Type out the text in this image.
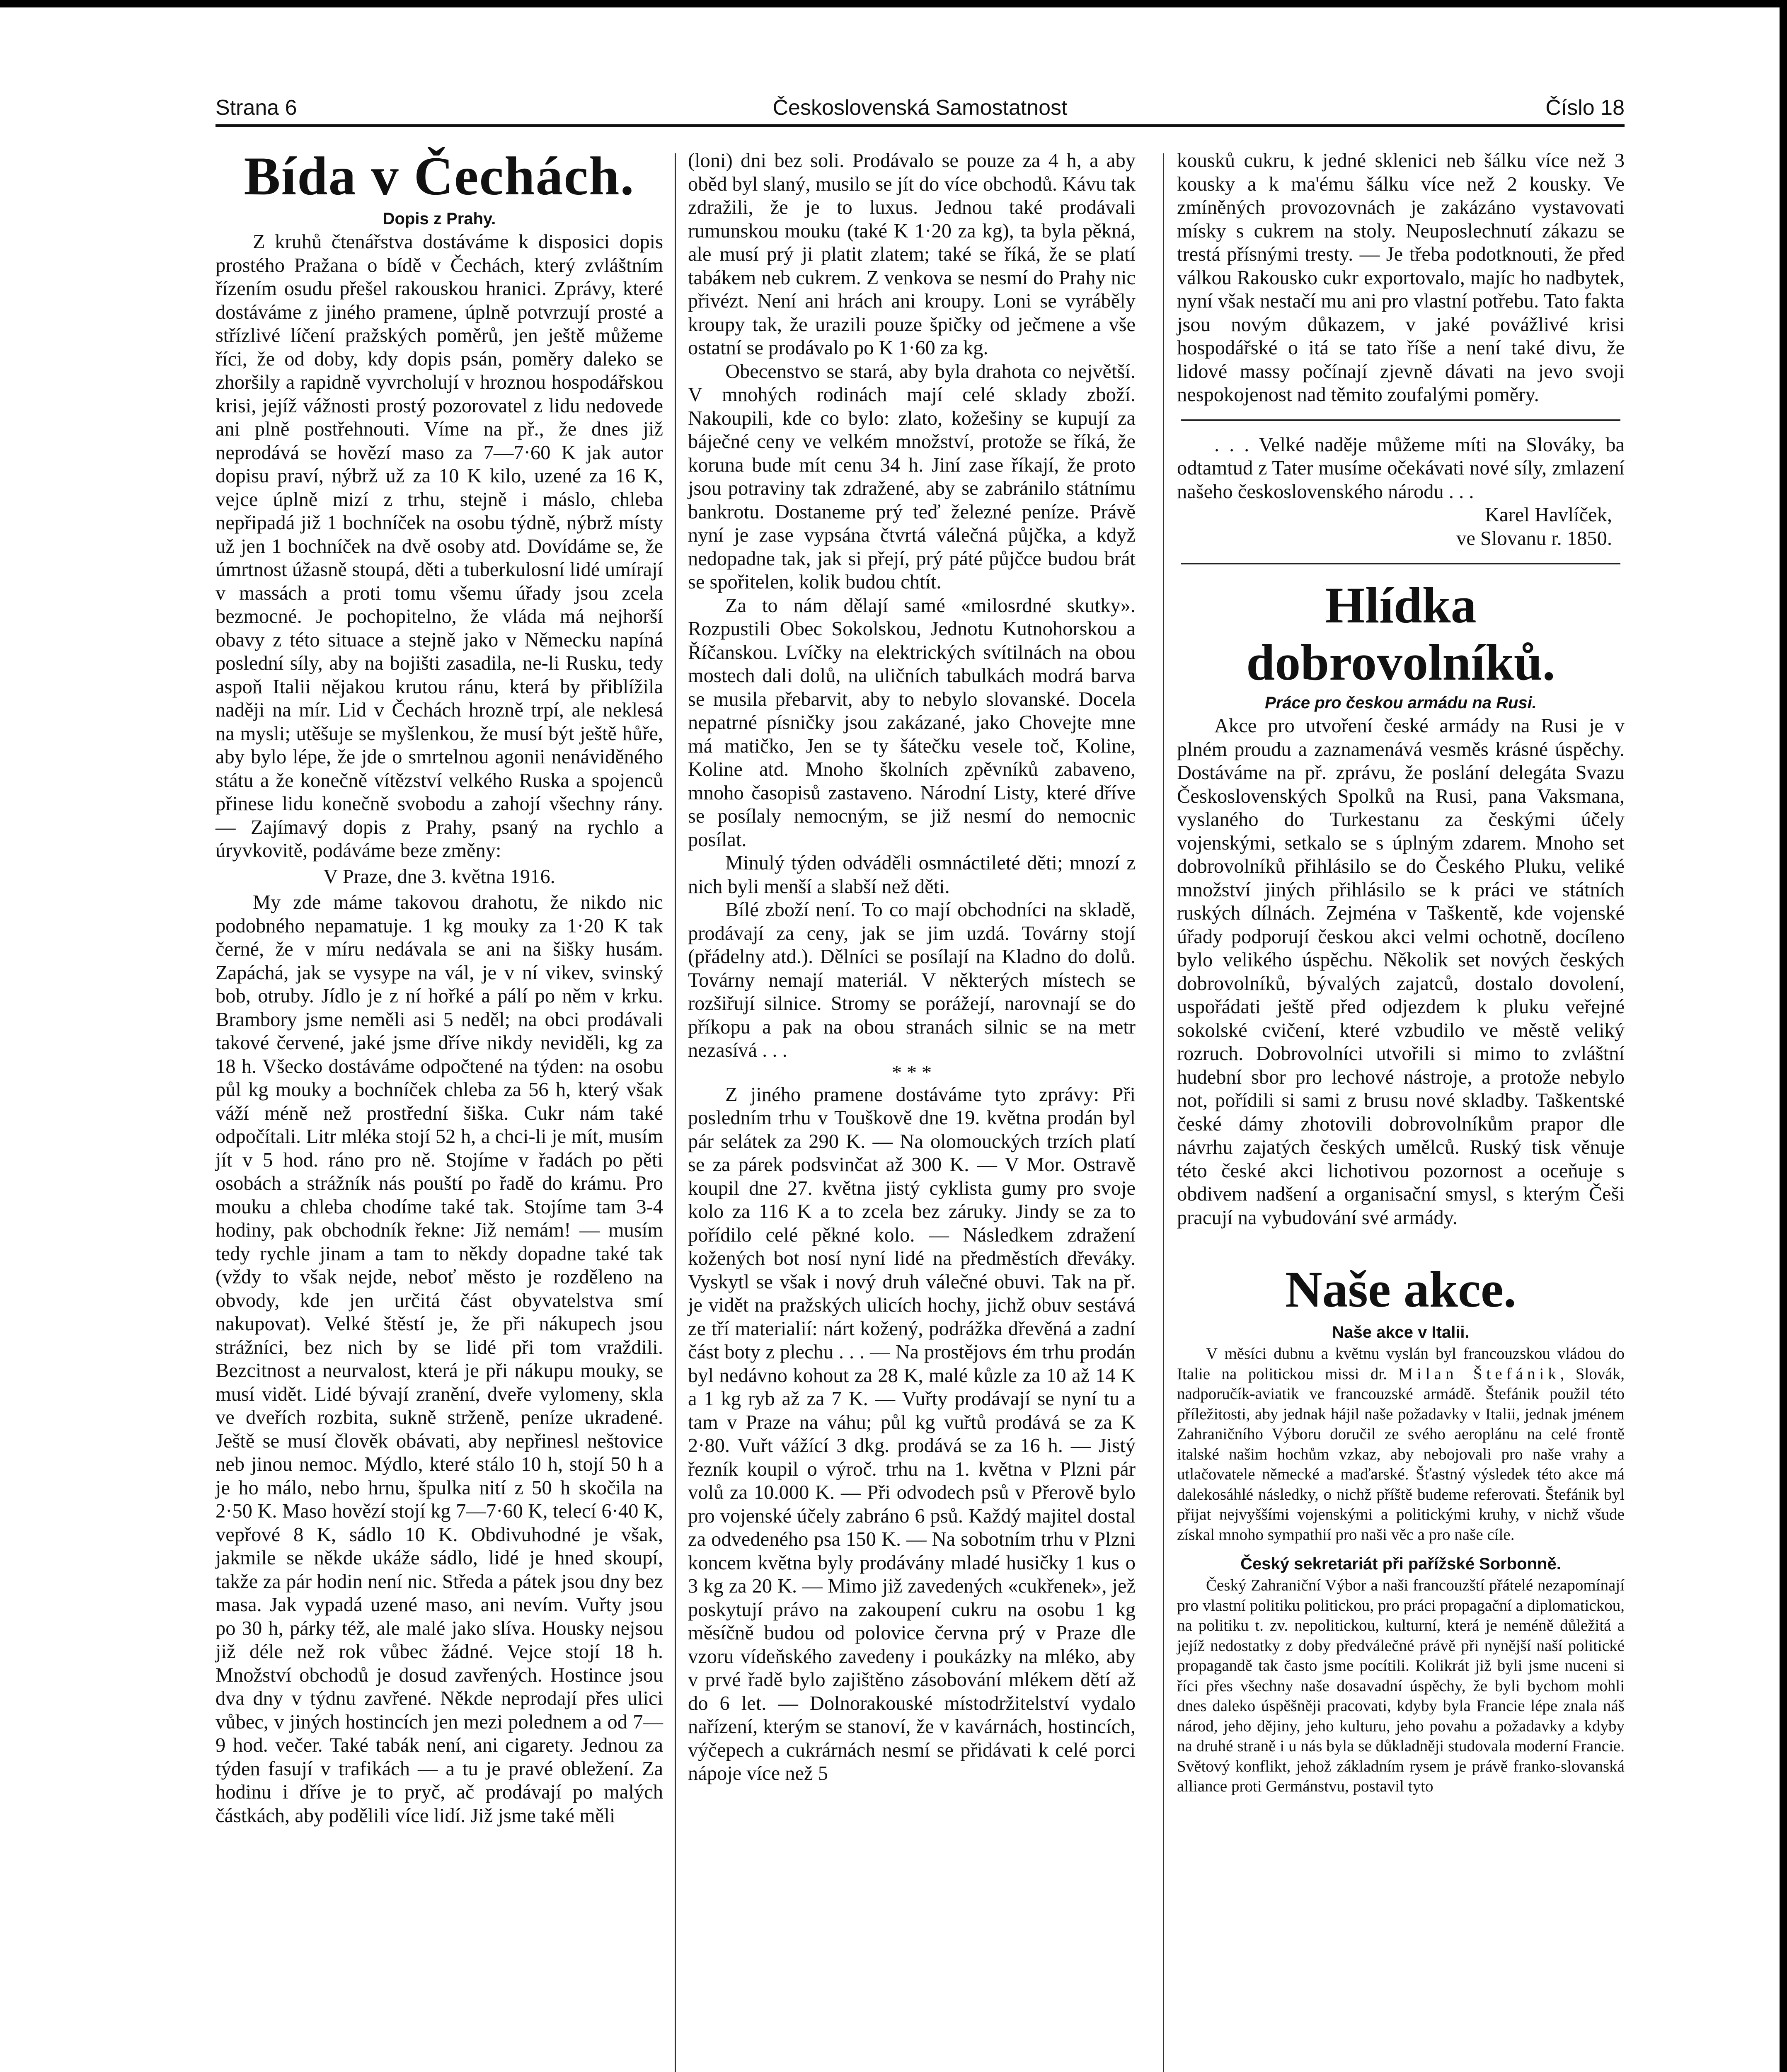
Strana 6	Československá Samostatnost	Číslo 18
Bída v Čechách.

Dopis z Prahy.

Z kruhů čtenářstva dostáváme k disposici dopis prostého Pražana o bídě v Čechách, který zvláštním řízením osudu přešel rakouskou hranici. Zprávy, které dostáváme z jiného pramene, úplně potvrzují prosté a střízlivé líčení pražských poměrů, jen ještě můžeme říci, že od doby, kdy dopis psán, poměry daleko se zhoršily a rapidně vyvrcholují v hroznou hospodářskou krisi, jejíž vážnosti prostý pozorovatel z lidu nedovede ani plně postřehnouti. Víme na př., že dnes již neprodává se hovězí maso za 7—7·60 K jak autor dopisu praví, nýbrž už za 10 K kilo, uzené za 16 K, vejce úplně mizí z trhu, stejně i máslo, chleba nepřipadá již 1 bochníček na osobu týdně, nýbrž místy už jen 1 bochníček na dvě osoby atd. Dovídáme se, že úmrtnost úžasně stoupá, děti a tuberkulosní lidé umírají v massách a proti tomu všemu úřady jsou zcela bezmocné. Je pochopitelno, že vláda má nejhorší obavy z této situace a stejně jako v Německu napíná poslední síly, aby na bojišti zasadila, ne-li Rusku, tedy aspoň Italii nějakou krutou ránu, která by přiblížila naději na mír. Lid v Čechách hrozně trpí, ale neklesá na mysli; utěšuje se myšlenkou, že musí být ještě hůře, aby bylo lépe, že jde o smrtelnou agonii nenáviděného státu a že konečně vítězství velkého Ruska a spojenců přinese lidu konečně svobodu a zahojí všechny rány. — Zajímavý dopis z Prahy, psaný na rychlo a úryvkovitě, podáváme beze změny:

V Praze, dne 3. května 1916.

My zde máme takovou drahotu, že nikdo nic podobného nepamatuje. 1 kg mouky za 1·20 K tak černé, že v míru nedávala se ani na šišky husám. Zapáchá, jak se vysype na vál, je v ní vikev, svinský bob, otruby. Jídlo je z ní hořké a pálí po něm v krku. Brambory jsme neměli asi 5 neděl; na obci prodávali takové červené, jaké jsme dříve nikdy neviděli, kg za 18 h. Všecko dostáváme odpočtené na týden: na osobu půl kg mouky a bochníček chleba za 56 h, který však váží méně než prostřední šiška. Cukr nám také odpočítali. Litr mléka stojí 52 h, a chci-li je mít, musím jít v 5 hod. ráno pro ně. Stojíme v řadách po pěti osobách a strážník nás pouští po řadě do krámu. Pro mouku a chleba chodíme také tak. Stojíme tam 3-4 hodiny, pak obchodník řekne: Již nemám! — musím tedy rychle jinam a tam to někdy dopadne také tak (vždy to však nejde, neboť město je rozděleno na obvody, kde jen určitá část obyvatelstva smí nakupovat). Velké štěstí je, že při nákupech jsou strážníci, bez nich by se lidé při tom vraždili. Bezcitnost a neurvalost, která je při nákupu mouky, se musí vidět. Lidé bývají zranění, dveře vylomeny, skla ve dveřích rozbita, sukně strženě, peníze ukradené. Ještě se musí člověk obávati, aby nepřinesl neštovice neb jinou nemoc. Mýdlo, které stálo 10 h, stojí 50 h a je ho málo, nebo hrnu, špulka nití z 50 h skočila na 2·50 K. Maso hovězí stojí kg 7—7·60 K, telecí 6·40 K, vepřové 8 K, sádlo 10 K. Obdivuhodné je však, jakmile se někde ukáže sádlo, lidé je hned skoupí, takže za pár hodin není nic. Středa a pátek jsou dny bez masa. Jak vypadá uzené maso, ani nevím. Vuřty jsou po 30 h, párky též, ale malé jako slíva. Housky nejsou již déle než rok vůbec žádné. Vejce stojí 18 h. Množství obchodů je dosud zavřených. Hostince jsou dva dny v týdnu zavřené. Někde neprodají přes ulici vůbec, v jiných hostincích jen mezi polednem a od 7—9 hod. večer. Také tabák není, ani cigarety. Jednou za týden fasují v trafikách — a tu je pravé obležení. Za hodinu i dříve je to pryč, ač prodávají po malých částkách, aby podělili více lidí. Již jsme také měli

(loni) dni bez soli. Prodávalo se pouze za 4 h, a aby oběd byl slaný, musilo se jít do více obchodů. Kávu tak zdražili, že je to luxus. Jednou také prodávali rumunskou mouku (také K 1·20 za kg), ta byla pěkná, ale musí prý ji platit zlatem; také se říká, že se platí tabákem neb cukrem. Z venkova se nesmí do Prahy nic přivézt. Není ani hrách ani kroupy. Loni se vyráběly kroupy tak, že urazili pouze špičky od ječmene a vše ostatní se prodávalo po K 1·60 za kg.

Obecenstvo se stará, aby byla drahota co největší. V mnohých rodinách mají celé sklady zboží. Nakoupili, kde co bylo: zlato, kožešiny se kupují za báječné ceny ve velkém množství, protože se říká, že koruna bude mít cenu 34 h. Jiní zase říkají, že proto jsou potraviny tak zdražené, aby se zabránilo státnímu bankrotu. Dostaneme prý teď železné peníze. Právě nyní je zase vypsána čtvrtá válečná půjčka, a když nedopadne tak, jak si přejí, prý páté půjčce budou brát se spořitelen, kolik budou chtít.

Za to nám dělají samé «milosrdné skutky». Rozpustili Obec Sokolskou, Jednotu Kutnohorskou a Říčanskou. Lvíčky na elektrických svítilnách na obou mostech dali dolů, na uličních tabulkách modrá barva se musila přebarvit, aby to nebylo slovanské. Docela nepatrné písničky jsou zakázané, jako Chovejte mne má matičko, Jen se ty šátečku vesele toč, Koline, Koline atd. Mnoho školních zpěvníků zabaveno, mnoho časopisů zastaveno. Národní Listy, které dříve se posílaly nemocným, se již nesmí do nemocnic posílat.

Minulý týden odváděli osmnáctileté děti; mnozí z nich byli menší a slabší než děti.

Bílé zboží není. To co mají obchodníci na skladě, prodávají za ceny, jak se jim uzdá. Továrny stojí (přádelny atd.). Dělníci se posílají na Kladno do dolů. Továrny nemají materiál. V některých místech se rozšiřují silnice. Stromy se porážejí, narovnají se do příkopu a pak na obou stranách silnic se na metr nezasívá . . .

* * *

Z jiného pramene dostáváme tyto zprávy: Při posledním trhu v Touškově dne 19. května prodán byl pár selátek za 290 K. — Na olomouckých trzích platí se za párek podsvinčat až 300 K. — V Mor. Ostravě koupil dne 27. května jistý cyklista gumy pro svoje kolo za 116 K a to zcela bez záruky. Jindy se za to pořídilo celé pěkné kolo. — Následkem zdražení kožených bot nosí nyní lidé na předměstích dřeváky. Vyskytl se však i nový druh válečné obuvi. Tak na př. je vidět na pražských ulicích hochy, jichž obuv sestává ze tří materialií: nárt kožený, podrážka dřevěná a zadní část boty z plechu . . . — Na prostějovs ém trhu prodán byl nedávno kohout za 28 K, malé kůzle za 10 až 14 K a 1 kg ryb až za 7 K. — Vuřty prodávají se nyní tu a tam v Praze na váhu; půl kg vuřtů prodává se za K 2·80. Vuřt vážící 3 dkg. prodává se za 16 h. — Jistý řezník koupil o výroč. trhu na 1. května v Plzni pár volů za 10.000 K. — Při odvodech psů v Přerově bylo pro vojenské účely zabráno 6 psů. Každý majitel dostal za odvedeného psa 150 K. — Na sobotním trhu v Plzni koncem května byly prodávány mladé husičky 1 kus o 3 kg za 20 K. — Mimo již zavedených «cukřenek», jež poskytují právo na zakoupení cukru na osobu 1 kg měsíčně budou od polovice června prý v Praze dle vzoru vídeňského zavedeny i poukázky na mléko, aby v prvé řadě bylo zajištěno zásobování mlékem dětí až do 6 let. — Dolnorakouské místodržitelství vydalo nařízení, kterým se stanoví, že v kavárnách, hostincích, výčepech a cukrárnách nesmí se přidávati k celé porci nápoje více než 5

kousků cukru, k jedné sklenici neb šálku více než 3 kousky a k ma'ému šálku více než 2 kousky. Ve zmíněných provozovnách je zakázáno vystavovati mísky s cukrem na stoly. Neuposlechnutí zákazu se trestá přísnými tresty. — Je třeba podotknouti, že před válkou Rakousko cukr exportovalo, majíc ho nadbytek, nyní však nestačí mu ani pro vlastní potřebu. Tato fakta jsou novým důkazem, v jaké povážlivé krisi hospodářské o itá se tato říše a není také divu, že lidové massy počínají zjevně dávati na jevo svoji nespokojenost nad těmito zoufalými poměry.

. . . Velké naděje můžeme míti na Slováky, ba odtamtud z Tater musíme očekávati nové síly, zmlazení našeho československého národu . . .

Karel Havlíček,

ve Slovanu r. 1850.

Hlídka dobrovolníků.

Práce pro českou armádu na Rusi.

Akce pro utvoření české armády na Rusi je v plném proudu a zaznamenává vesměs krásné úspěchy. Dostáváme na př. zprávu, že poslání delegáta Svazu Československých Spolků na Rusi, pana Vaksmana, vyslaného do Turkestanu za českými účely vojenskými, setkalo se s úplným zdarem. Mnoho set dobrovolníků přihlásilo se do Českého Pluku, veliké množství jiných přihlásilo se k práci ve státních ruských dílnách. Zejména v Taškentě, kde vojenské úřady podporují českou akci velmi ochotně, docíleno bylo velikého úspěchu. Několik set nových českých dobrovolníků, bývalých zajatců, dostalo dovolení, uspořádati ještě před odjezdem k pluku veřejné sokolské cvičení, které vzbudilo ve městě veliký rozruch. Dobrovolníci utvořili si mimo to zvláštní hudební sbor pro lechové nástroje, a protože nebylo not, pořídili si sami z brusu nové skladby. Taškentské české dámy zhotovili dobrovolníkům prapor dle návrhu zajatých českých umělců. Ruský tisk věnuje této české akci lichotivou pozornost a oceňuje s obdivem nadšení a organisační smysl, s kterým Češi pracují na vybudování své armády.

Naše akce.

Naše akce v Italii.

V měsíci dubnu a květnu vyslán byl francouzskou vládou do Italie na politickou missi dr. Milan Štefánik, Slovák, nadporučík-aviatik ve francouzské armádě. Štefánik použil této příležitosti, aby jednak hájil naše požadavky v Italii, jednak jménem Zahraničního Výboru doručil ze svého aeroplánu na celé frontě italské našim hochům vzkaz, aby nebojovali pro naše vrahy a utlačovatele německé a maďarské. Šťastný výsledek této akce má dalekosáhlé následky, o nichž příště budeme referovati. Štefánik byl přijat nejvyššími vojenskými a politickými kruhy, v nichž všude získal mnoho sympathií pro naši věc a pro naše cíle.

Český sekretariát při pařížské Sorbonně.

Český Zahraniční Výbor a naši francouzští přátelé nezapomínají pro vlastní politiku politickou, pro práci propagační a diplomatickou, na politiku t. zv. nepolitickou, kulturní, která je neméně důležitá a jejíž nedostatky z doby předválečné právě při nynější naší politické propagandě tak často jsme pocítili. Kolikrát již byli jsme nuceni si říci přes všechny naše dosavadní úspěchy, že byli bychom mohli dnes daleko úspěšněji pracovati, kdyby byla Francie lépe znala náš národ, jeho dějiny, jeho kulturu, jeho povahu a požadavky a kdyby na druhé straně i u nás byla se důkladněji studovala moderní Francie. Světový konflikt, jehož základním rysem je právě franko-slovanská alliance proti Germánstvu, postavil tyto
